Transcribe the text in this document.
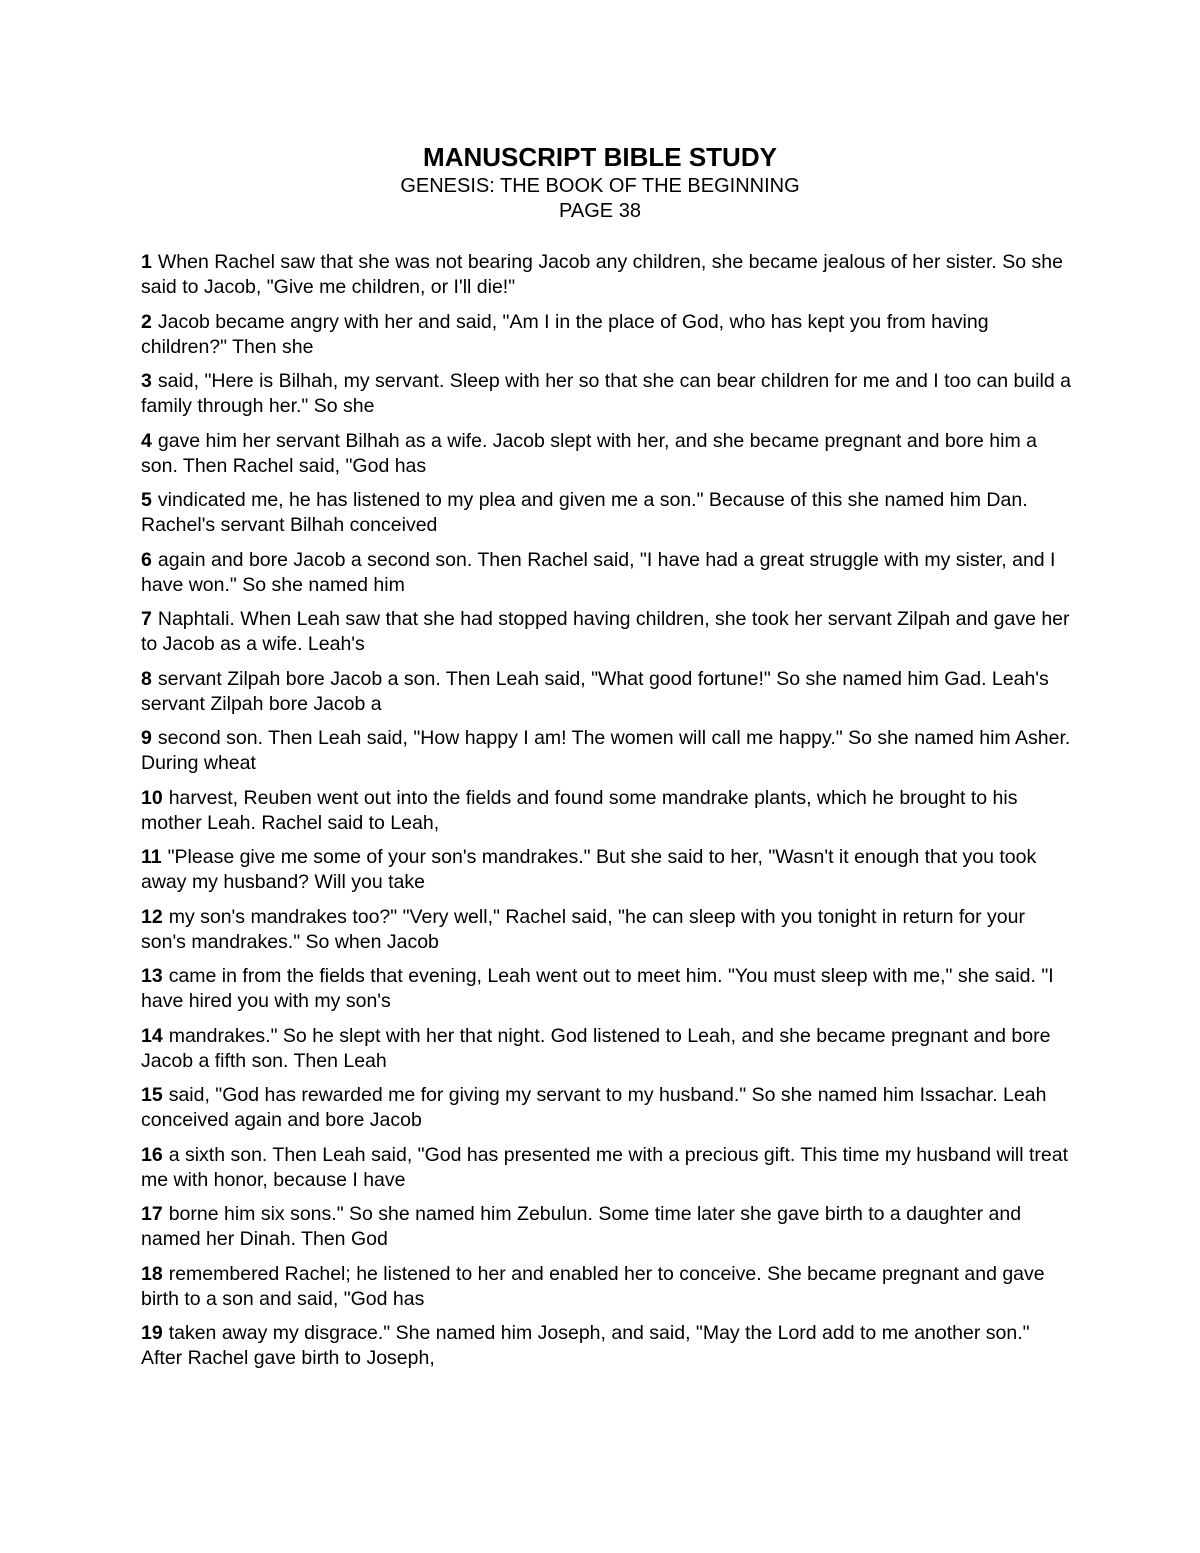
MANUSCRIPT BIBLE STUDY
GENESIS: THE BOOK OF THE BEGINNING
PAGE 38

1 When Rachel saw that she was not bearing Jacob any children, she became jealous of her sister. So she said to Jacob, "Give me children, or I'll die!"

2 Jacob became angry with her and said, "Am I in the place of God, who has kept you from having children?" Then she

3 said, "Here is Bilhah, my servant. Sleep with her so that she can bear children for me and I too can build a family through her." So she

4 gave him her servant Bilhah as a wife. Jacob slept with her, and she became pregnant and bore him a son. Then Rachel said, "God has

5 vindicated me, he has listened to my plea and given me a son." Because of this she named him Dan. Rachel's servant Bilhah conceived

6 again and bore Jacob a second son. Then Rachel said, "I have had a great struggle with my sister, and I have won." So she named him

7 Naphtali. When Leah saw that she had stopped having children, she took her servant Zilpah and gave her to Jacob as a wife. Leah's

8 servant Zilpah bore Jacob a son. Then Leah said, "What good fortune!" So she named him Gad. Leah's servant Zilpah bore Jacob a

9 second son. Then Leah said, "How happy I am! The women will call me happy." So she named him Asher. During wheat

10 harvest, Reuben went out into the fields and found some mandrake plants, which he brought to his mother Leah. Rachel said to Leah,

11 "Please give me some of your son's mandrakes." But she said to her, "Wasn't it enough that you took away my husband? Will you take

12 my son's mandrakes too?" "Very well," Rachel said, "he can sleep with you tonight in return for your son's mandrakes." So when Jacob

13 came in from the fields that evening, Leah went out to meet him. "You must sleep with me," she said. "I have hired you with my son's

14 mandrakes." So he slept with her that night. God listened to Leah, and she became pregnant and bore Jacob a fifth son. Then Leah

15 said, "God has rewarded me for giving my servant to my husband." So she named him Issachar. Leah conceived again and bore Jacob

16 a sixth son. Then Leah said, "God has presented me with a precious gift. This time my husband will treat me with honor, because I have

17 borne him six sons." So she named him Zebulun. Some time later she gave birth to a daughter and named her Dinah. Then God

18 remembered Rachel; he listened to her and enabled her to conceive. She became pregnant and gave birth to a son and said, "God has

19 taken away my disgrace." She named him Joseph, and said, "May the Lord add to me another son." After Rachel gave birth to Joseph,
